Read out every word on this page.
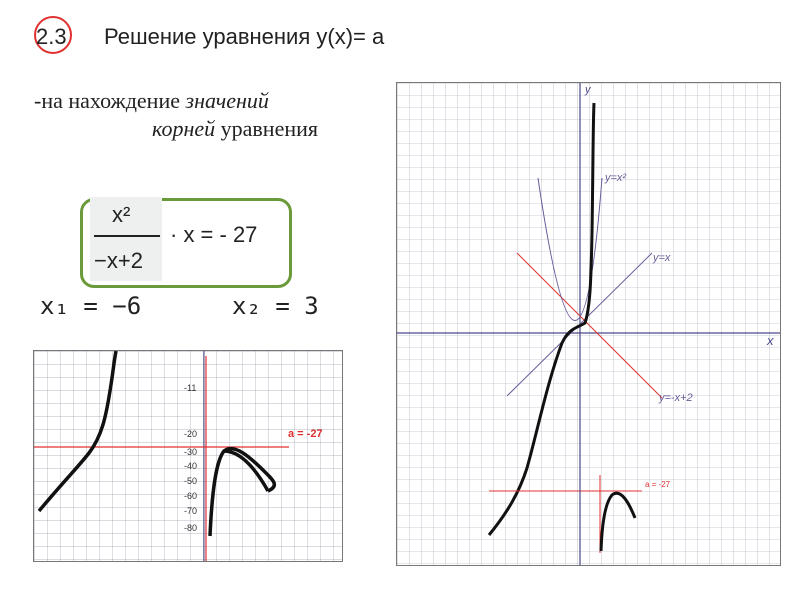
2.3 Решение уравнения y(x)= a
-на нахождение значений
корней уравнения
x²
−x+2
· x = - 27
x₁ = −6	x₂ = 3
-11
-20
-30
-40
-50
-60
-70
-80
a = -27
x
y
y=x
y=-x+2
y=x²
a = -27
